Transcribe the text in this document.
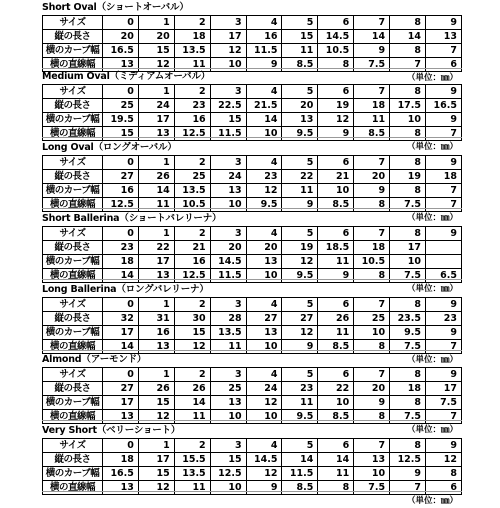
Short Oval（ショートオーバル）
サイズ	0	1	2	3	4	5	6	7	8	9
縦の長さ	20	20	18	17	16	15	14.5	14	14	13
横のカーブ幅	16.5	15	13.5	12	11.5	11	10.5	9	8	7
横の直線幅	13	12	11	10	9	8.5	8	7.5	7	6
（単位：㎜）
Medium Oval（ミディアムオーバル）
サイズ	0	1	2	3	4	5	6	7	8	9
縦の長さ	25	24	23	22.5	21.5	20	19	18	17.5	16.5
横のカーブ幅	19.5	17	16	15	14	13	12	11	10	9
横の直線幅	15	13	12.5	11.5	10	9.5	9	8.5	8	7
（単位：㎜）
Long Oval（ロングオーバル）
サイズ	0	1	2	3	4	5	6	7	8	9
縦の長さ	27	26	25	24	23	22	21	20	19	18
横のカーブ幅	16	14	13.5	13	12	11	10	9	8	7
横の直線幅	12.5	11	10.5	10	9.5	9	8.5	8	7.5	7
（単位：㎜）
Short Ballerina（ショートバレリーナ）
サイズ	0	1	2	3	4	5	6	7	8	9
縦の長さ	23	22	21	20	20	19	18.5	18	17	
横のカーブ幅	18	17	16	14.5	13	12	11	10.5	10	
横の直線幅	14	13	12.5	11.5	10	9.5	9	8	7.5	6.5
（単位：㎜）
Long Ballerina（ロングバレリーナ）
サイズ	0	1	2	3	4	5	6	7	8	9
縦の長さ	32	31	30	28	27	27	26	25	23.5	23
横のカーブ幅	17	16	15	13.5	13	12	11	10	9.5	9
横の直線幅	14	13	12	11	10	9	8.5	8	7.5	7
（単位：㎜）
Almond（アーモンド）
サイズ	0	1	2	3	4	5	6	7	8	9
縦の長さ	27	26	26	25	24	23	22	20	18	17
横のカーブ幅	17	15	14	13	12	11	10	9	8	7.5
横の直線幅	13	12	11	10	10	9.5	8.5	8	7.5	7
（単位：㎜）
Very Short（ベリーショート）
サイズ	0	1	2	3	4	5	6	7	8	9
縦の長さ	18	17	15.5	15	14.5	14	14	13	12.5	12
横のカーブ幅	16.5	15	13.5	12.5	12	11.5	11	10	9	8
横の直線幅	13	12	11	10	9	8.5	8	7.5	7	6
（単位：㎜）
